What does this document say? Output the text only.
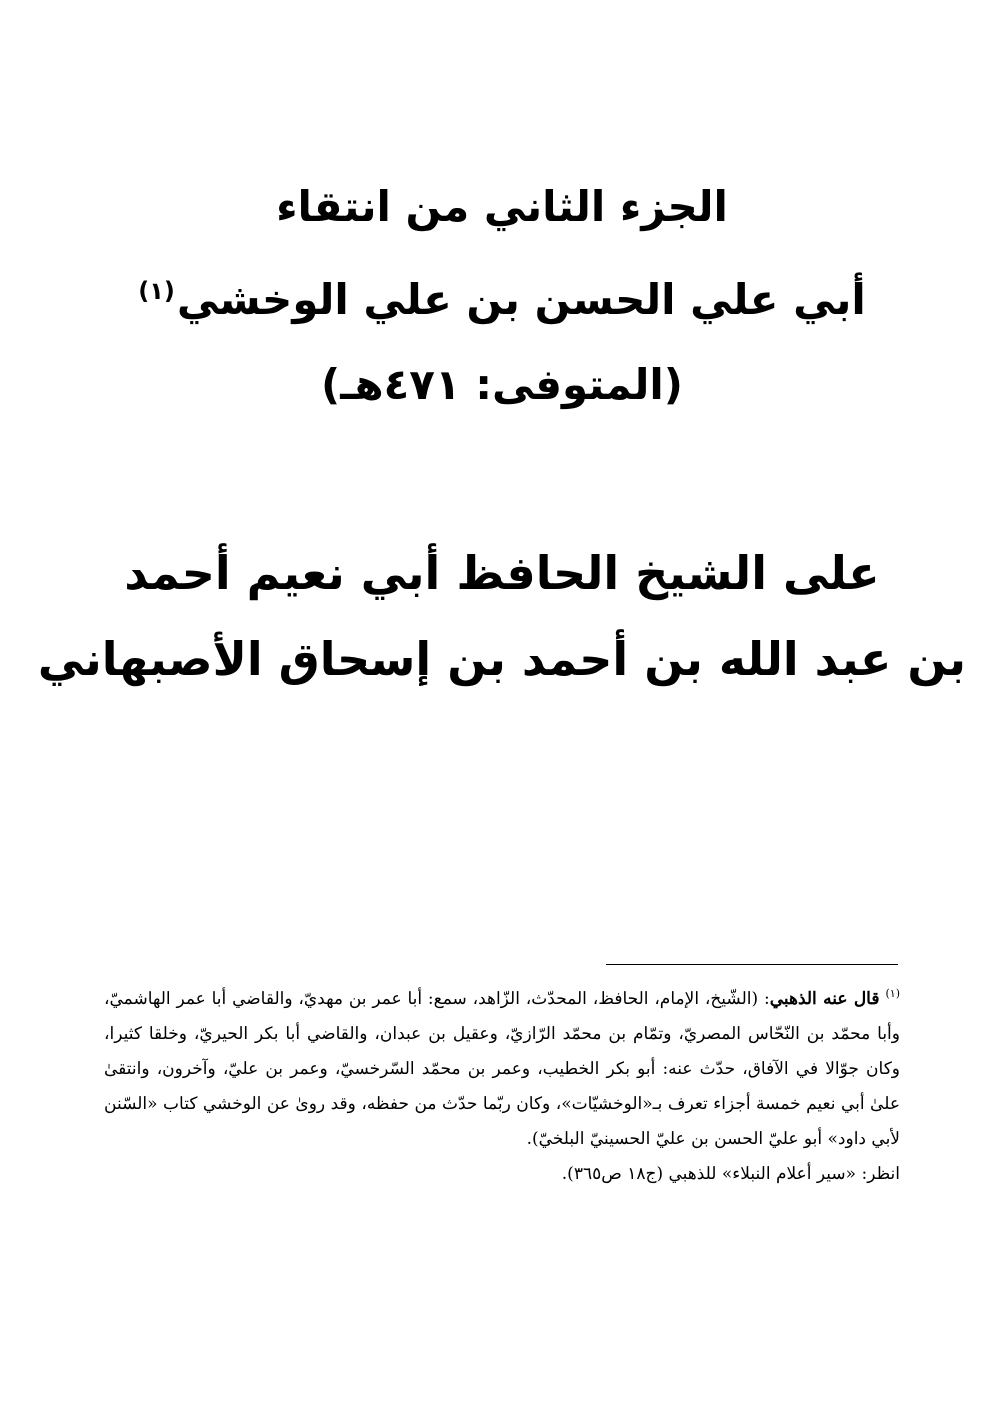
الجزء الثاني من انتقاء
أبي علي الحسن بن علي الوخشي$^{(١)}$
(المتوفى: ٤٧١هـ)
على الشيخ الحافظ أبي نعيم أحمد
بن عبد الله بن أحمد بن إسحاق الأصبهاني

$^{(١)}$قال عنه الذهبي: (الشّيخ، الإمام، الحافظ، المحدّث، الزّاهد، سمع: أبا عمر بن مهديّ، والقاضي أبا عمر الهاشميّ، وأبا محمّد بن النّحّاس المصريّ، وتمّام بن محمّد الرّازيّ، وعقيل بن عبدان، والقاضي أبا بكر الحيريّ، وخلقا كثيرا، وكان جوّالا في الآفاق، حدّث عنه: أبو بكر الخطيب، وعمر بن محمّد السّرخسيّ، وعمر بن عليّ، وآخرون، وانتقىٰ علىٰ أبي نعيم خمسة أجزاء تعرف بـ«الوخشيّات»، وكان ربّما حدّث من حفظه، وقد روىٰ عن الوخشي كتاب «السّنن لأبي داود» أبو عليّ الحسن بن عليّ الحسينيّ البلخيّ).

انظر: «سير أعلام النبلاء» للذهبي (ج١٨ ص٣٦٥).
